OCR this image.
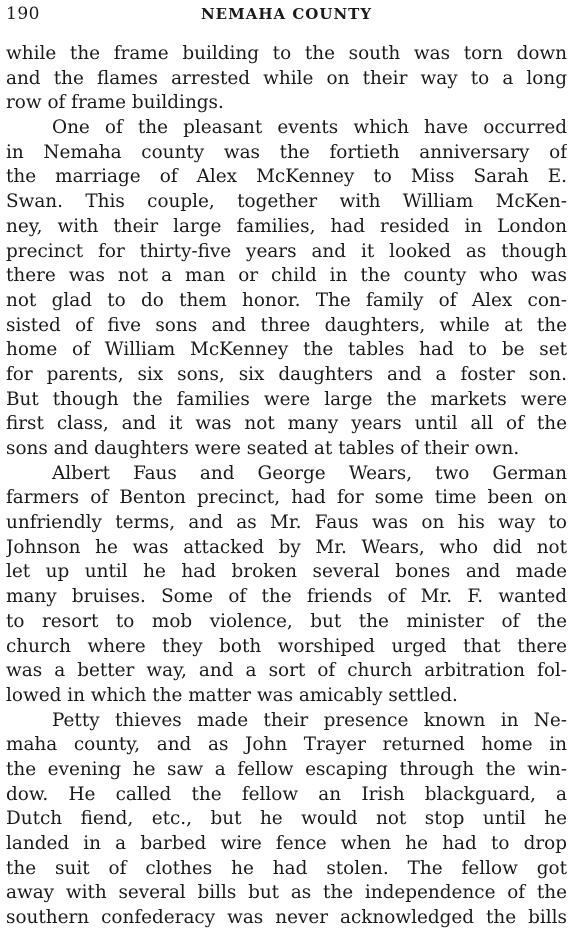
190	NEMAHA COUNTY
while the frame building to the south was torn down
and the flames arrested while on their way to a long
row of frame buildings.
One of the pleasant events which have occurred
in Nemaha county was the fortieth anniversary of
the marriage of Alex McKenney to Miss Sarah E.
Swan. This couple, together with William McKen-
ney, with their large families, had resided in London
precinct for thirty-five years and it looked as though
there was not a man or child in the county who was
not glad to do them honor. The family of Alex con-
sisted of five sons and three daughters, while at the
home of William McKenney the tables had to be set
for parents, six sons, six daughters and a foster son.
But though the families were large the markets were
first class, and it was not many years until all of the
sons and daughters were seated at tables of their own.
Albert Faus and George Wears, two German
farmers of Benton precinct, had for some time been on
unfriendly terms, and as Mr. Faus was on his way to
Johnson he was attacked by Mr. Wears, who did not
let up until he had broken several bones and made
many bruises. Some of the friends of Mr. F. wanted
to resort to mob violence, but the minister of the
church where they both worshiped urged that there
was a better way, and a sort of church arbitration fol-
lowed in which the matter was amicably settled.
Petty thieves made their presence known in Ne-
maha county, and as John Trayer returned home in
the evening he saw a fellow escaping through the win-
dow. He called the fellow an Irish blackguard, a
Dutch fiend, etc., but he would not stop until he
landed in a barbed wire fence when he had to drop
the suit of clothes he had stolen. The fellow got
away with several bills but as the independence of the
southern confederacy was never acknowledged the bills
